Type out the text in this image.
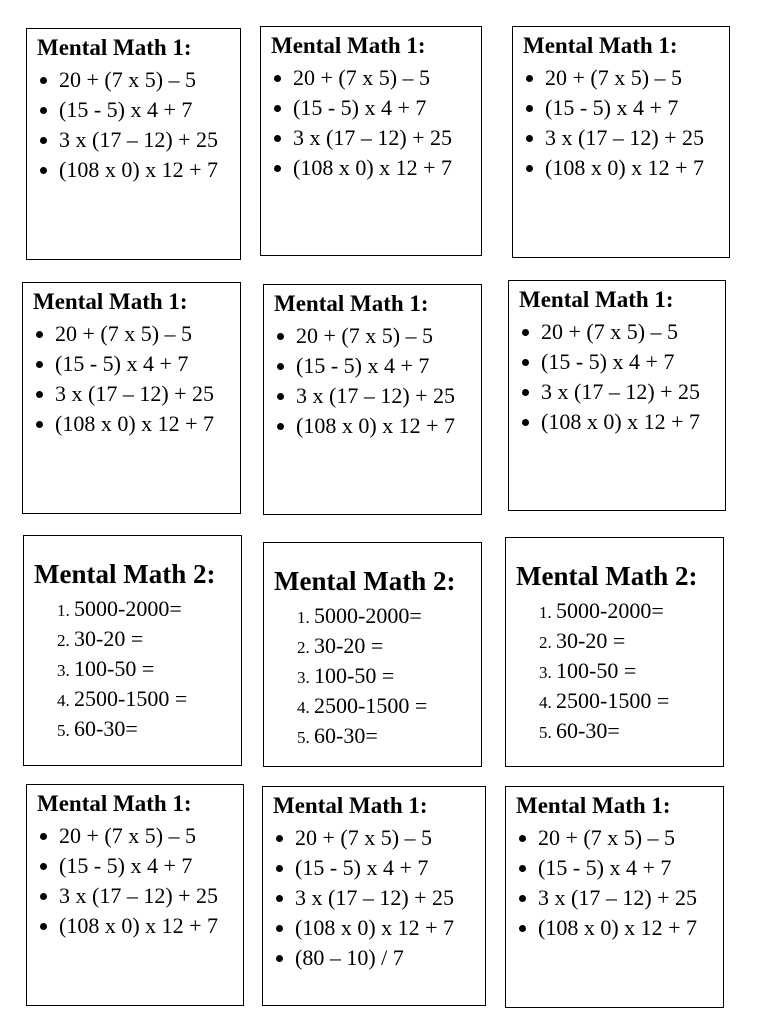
Mental Math 1:
20 + (7 x 5) – 5
(15 - 5) x 4 + 7
3 x (17 – 12) + 25
(108 x 0) x 12 + 7
Mental Math 1:
20 + (7 x 5) – 5
(15 - 5) x 4 + 7
3 x (17 – 12) + 25
(108 x 0) x 12 + 7
Mental Math 1:
20 + (7 x 5) – 5
(15 - 5) x 4 + 7
3 x (17 – 12) + 25
(108 x 0) x 12 + 7
Mental Math 1:
20 + (7 x 5) – 5
(15 - 5) x 4 + 7
3 x (17 – 12) + 25
(108 x 0) x 12 + 7
Mental Math 1:
20 + (7 x 5) – 5
(15 - 5) x 4 + 7
3 x (17 – 12) + 25
(108 x 0) x 12 + 7
Mental Math 1:
20 + (7 x 5) – 5
(15 - 5) x 4 + 7
3 x (17 – 12) + 25
(108 x 0) x 12 + 7
Mental Math 2:
1. 5000-2000=
2. 30-20 =
3. 100-50 =
4. 2500-1500 =
5. 60-30=
Mental Math 2:
1. 5000-2000=
2. 30-20 =
3. 100-50 =
4. 2500-1500 =
5. 60-30=
Mental Math 2:
1. 5000-2000=
2. 30-20 =
3. 100-50 =
4. 2500-1500 =
5. 60-30=
Mental Math 1:
20 + (7 x 5) – 5
(15 - 5) x 4 + 7
3 x (17 – 12) + 25
(108 x 0) x 12 + 7
Mental Math 1:
20 + (7 x 5) – 5
(15 - 5) x 4 + 7
3 x (17 – 12) + 25
(108 x 0) x 12 + 7
(80 – 10) / 7
Mental Math 1:
20 + (7 x 5) – 5
(15 - 5) x 4 + 7
3 x (17 – 12) + 25
(108 x 0) x 12 + 7
